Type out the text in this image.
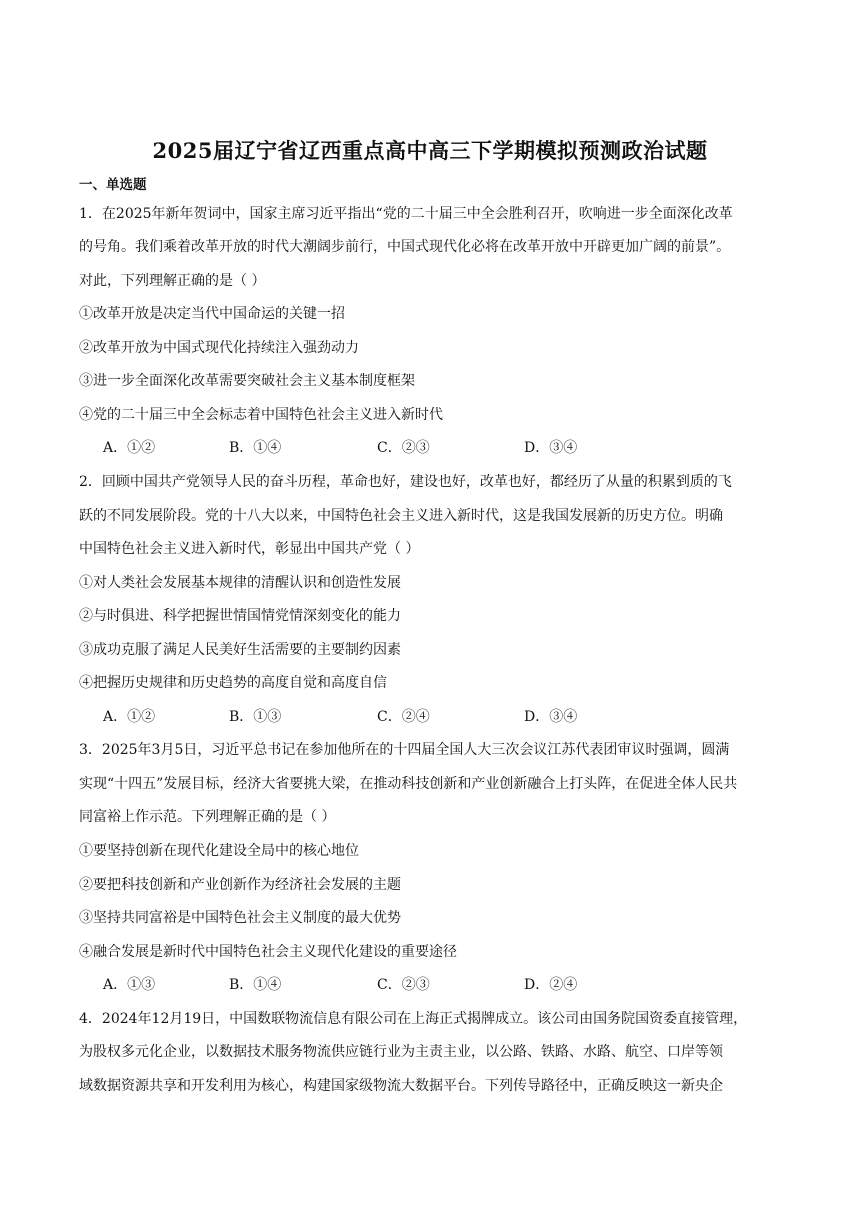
2025届辽宁省辽西重点高中高三下学期模拟预测政治试题
一、单选题
1．在2025年新年贺词中，国家主席习近平指出“党的二十届三中全会胜利召开，吹响进一步全面深化改革
的号角。我们乘着改革开放的时代大潮阔步前行，中国式现代化必将在改革开放中开辟更加广阔的前景”。
对此，下列理解正确的是（ ）
①改革开放是决定当代中国命运的关键一招
②改革开放为中国式现代化持续注入强劲动力
③进一步全面深化改革需要突破社会主义基本制度框架
④党的二十届三中全会标志着中国特色社会主义进入新时代
A．①②	B．①④	C．②③	D．③④
2．回顾中国共产党领导人民的奋斗历程，革命也好，建设也好，改革也好，都经历了从量的积累到质的飞
跃的不同发展阶段。党的十八大以来，中国特色社会主义进入新时代，这是我国发展新的历史方位。明确
中国特色社会主义进入新时代，彰显出中国共产党（ ）
①对人类社会发展基本规律的清醒认识和创造性发展
②与时俱进、科学把握世情国情党情深刻变化的能力
③成功克服了满足人民美好生活需要的主要制约因素
④把握历史规律和历史趋势的高度自觉和高度自信
A．①②	B．①③	C．②④	D．③④
3．2025年3月5日，习近平总书记在参加他所在的十四届全国人大三次会议江苏代表团审议时强调，圆满
实现“十四五”发展目标，经济大省要挑大梁，在推动科技创新和产业创新融合上打头阵，在促进全体人民共
同富裕上作示范。下列理解正确的是（ ）
①要坚持创新在现代化建设全局中的核心地位
②要把科技创新和产业创新作为经济社会发展的主题
③坚持共同富裕是中国特色社会主义制度的最大优势
④融合发展是新时代中国特色社会主义现代化建设的重要途径
A．①③	B．①④	C．②③	D．②④
4．2024年12月19日，中国数联物流信息有限公司在上海正式揭牌成立。该公司由国务院国资委直接管理，
为股权多元化企业，以数据技术服务物流供应链行业为主责主业，以公路、铁路、水路、航空、口岸等领
域数据资源共享和开发利用为核心，构建国家级物流大数据平台。下列传导路径中，正确反映这一新央企
